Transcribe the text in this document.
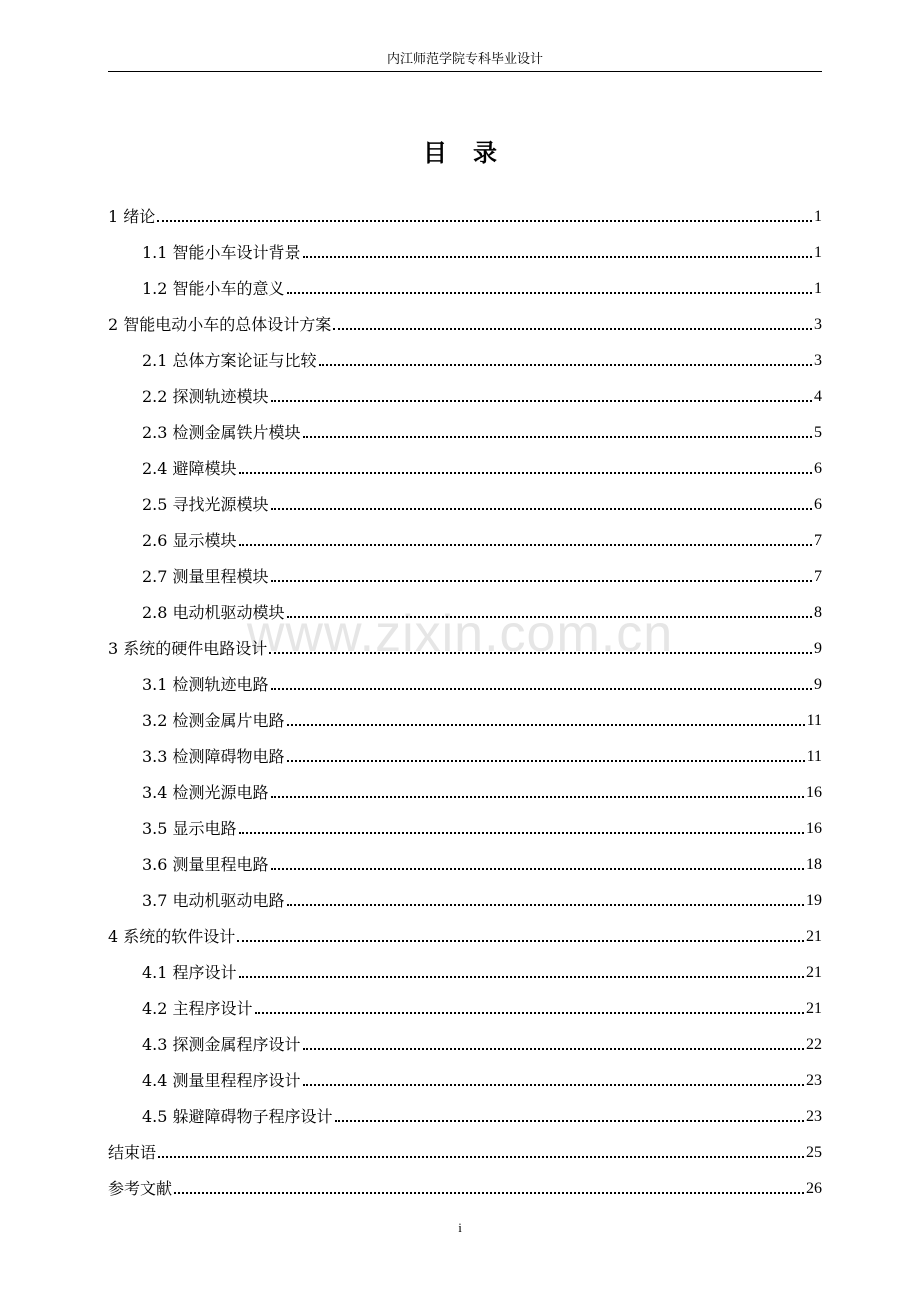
内江师范学院专科毕业设计
目 录
www.zixin.com.cn
1 绪论	1
1.1 智能小车设计背景	1
1.2 智能小车的意义	1
2 智能电动小车的总体设计方案	3
2.1 总体方案论证与比较	3
2.2 探测轨迹模块	4
2.3 检测金属铁片模块	5
2.4 避障模块	6
2.5 寻找光源模块	6
2.6 显示模块	7
2.7 测量里程模块	7
2.8 电动机驱动模块	8
3 系统的硬件电路设计	9
3.1 检测轨迹电路	9
3.2 检测金属片电路	11
3.3 检测障碍物电路	11
3.4 检测光源电路	16
3.5 显示电路	16
3.6 测量里程电路	18
3.7 电动机驱动电路	19
4 系统的软件设计	21
4.1 程序设计	21
4.2 主程序设计	21
4.3 探测金属程序设计	22
4.4 测量里程程序设计	23
4.5 躲避障碍物子程序设计	23
结束语	25
参考文献	26
i
